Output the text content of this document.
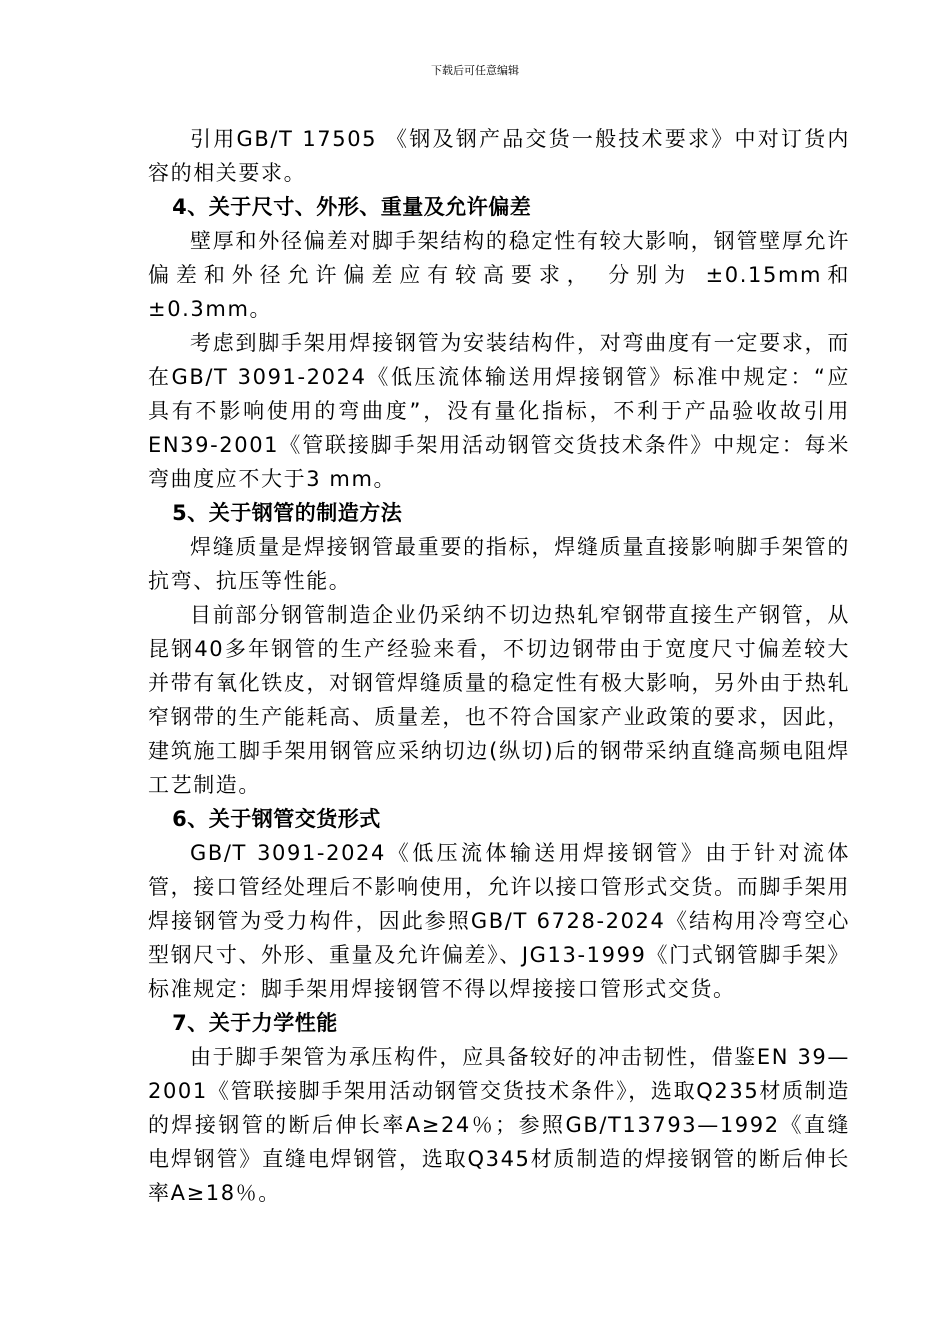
下载后可任意编辑

引用GB/T 17505 《钢及钢产品交货一般技术要求》中对订货内容的相关要求。

4、关于尺寸、外形、重量及允许偏差

壁厚和外径偏差对脚手架结构的稳定性有较大影响，钢管壁厚允许偏差和外径允许偏差应有较高要求， 分别为 ±0.15mm和±0.3mm。

考虑到脚手架用焊接钢管为安装结构件，对弯曲度有一定要求，而在GB/T 3091-2024《低压流体输送用焊接钢管》标准中规定：“应具有不影响使用的弯曲度”，没有量化指标，不利于产品验收故引用EN39-2001《管联接脚手架用活动钢管交货技术条件》中规定：每米弯曲度应不大于3 mm。

5、关于钢管的制造方法

焊缝质量是焊接钢管最重要的指标，焊缝质量直接影响脚手架管的抗弯、抗压等性能。

目前部分钢管制造企业仍采纳不切边热轧窄钢带直接生产钢管，从昆钢40多年钢管的生产经验来看，不切边钢带由于宽度尺寸偏差较大并带有氧化铁皮，对钢管焊缝质量的稳定性有极大影响，另外由于热轧窄钢带的生产能耗高、质量差，也不符合国家产业政策的要求，因此，建筑施工脚手架用钢管应采纳切边(纵切)后的钢带采纳直缝高频电阻焊工艺制造。

6、关于钢管交货形式

GB/T 3091-2024《低压流体输送用焊接钢管》由于针对流体管，接口管经处理后不影响使用，允许以接口管形式交货。而脚手架用焊接钢管为受力构件，因此参照GB/T 6728-2024《结构用冷弯空心型钢尺寸、外形、重量及允许偏差》、JG13-1999《门式钢管脚手架》标准规定：脚手架用焊接钢管不得以焊接接口管形式交货。

7、关于力学性能

由于脚手架管为承压构件，应具备较好的冲击韧性，借鉴EN 39—2001《管联接脚手架用活动钢管交货技术条件》，选取Q235材质制造的焊接钢管的断后伸长率A≥24％；参照GB/T13793—1992《直缝电焊钢管》直缝电焊钢管，选取Q345材质制造的焊接钢管的断后伸长率A≥18％。
